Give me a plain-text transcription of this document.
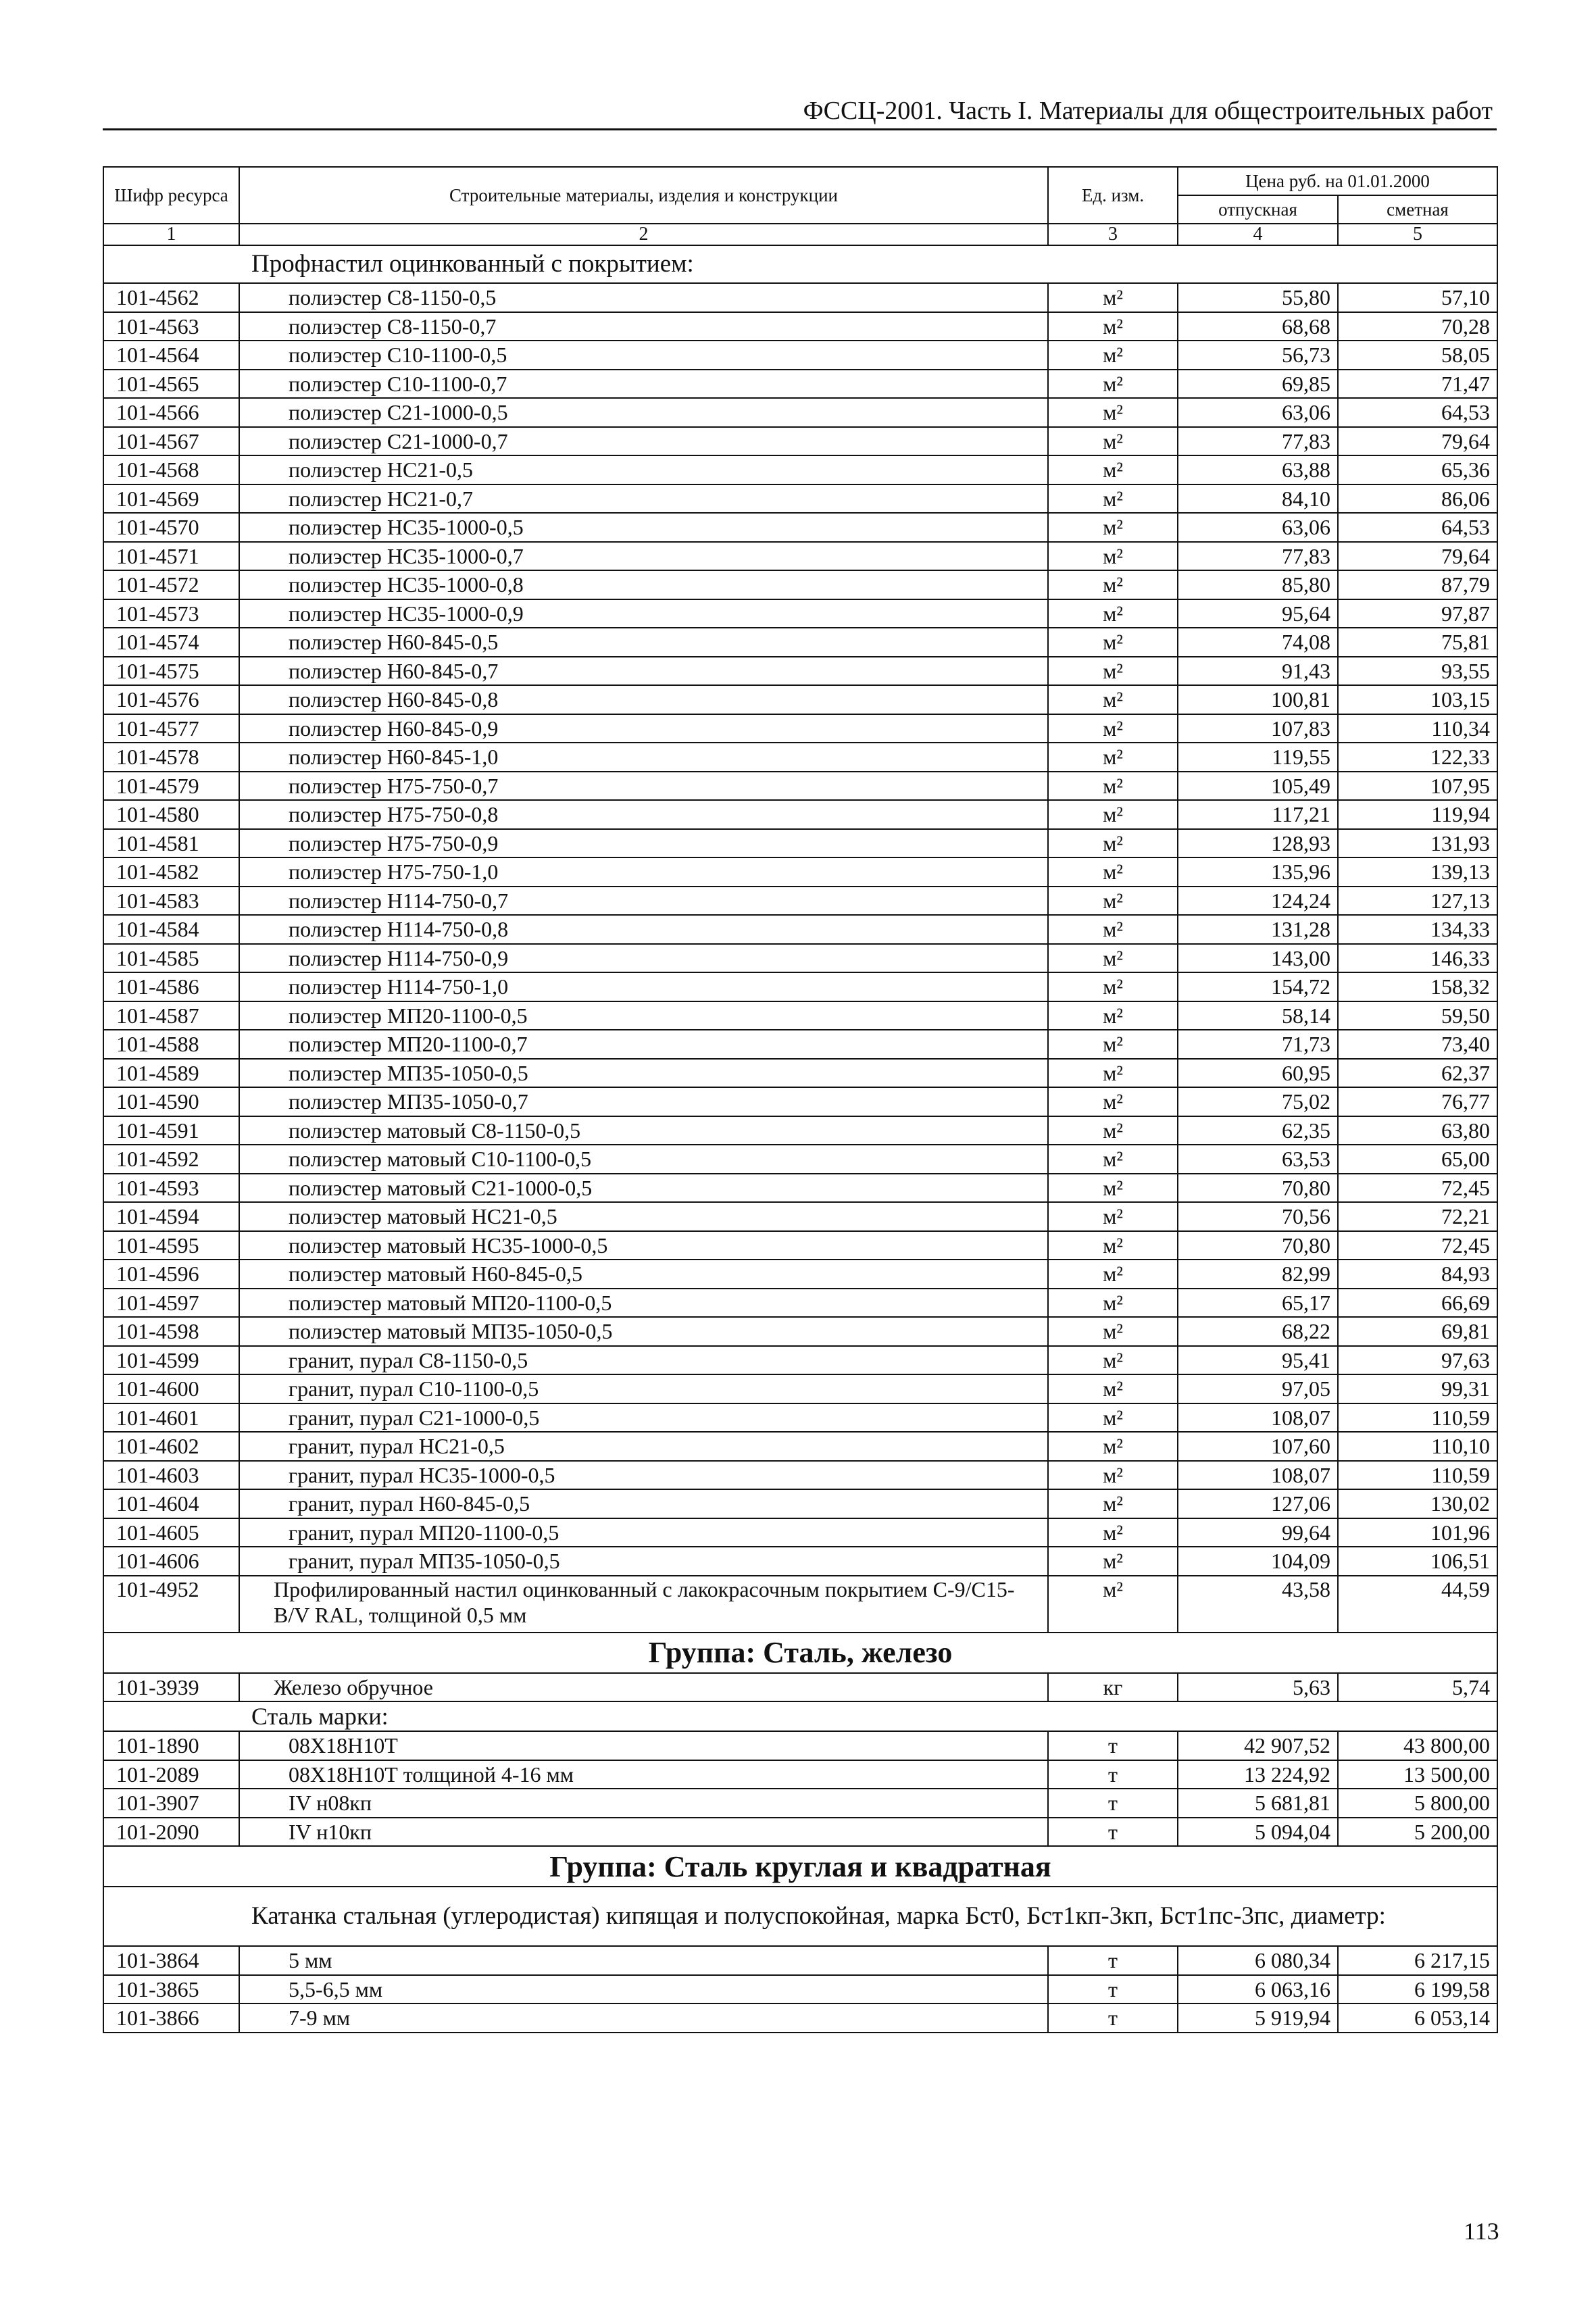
ФССЦ-2001. Часть I. Материалы для общестроительных работ
Шифр ресурса	Строительные материалы, изделия и конструкции	Ед. изм.	Цена руб. на 01.01.2000	
			отпускная	сметная
1	2	3	4	5
Профнастил оцинкованный с покрытием:				
101-4562	полиэстер С8-1150-0,5	м²	55,80	57,10
101-4563	полиэстер С8-1150-0,7	м²	68,68	70,28
101-4564	полиэстер С10-1100-0,5	м²	56,73	58,05
101-4565	полиэстер С10-1100-0,7	м²	69,85	71,47
101-4566	полиэстер С21-1000-0,5	м²	63,06	64,53
101-4567	полиэстер С21-1000-0,7	м²	77,83	79,64
101-4568	полиэстер НС21-0,5	м²	63,88	65,36
101-4569	полиэстер НС21-0,7	м²	84,10	86,06
101-4570	полиэстер НС35-1000-0,5	м²	63,06	64,53
101-4571	полиэстер НС35-1000-0,7	м²	77,83	79,64
101-4572	полиэстер НС35-1000-0,8	м²	85,80	87,79
101-4573	полиэстер НС35-1000-0,9	м²	95,64	97,87
101-4574	полиэстер Н60-845-0,5	м²	74,08	75,81
101-4575	полиэстер Н60-845-0,7	м²	91,43	93,55
101-4576	полиэстер Н60-845-0,8	м²	100,81	103,15
101-4577	полиэстер Н60-845-0,9	м²	107,83	110,34
101-4578	полиэстер Н60-845-1,0	м²	119,55	122,33
101-4579	полиэстер Н75-750-0,7	м²	105,49	107,95
101-4580	полиэстер Н75-750-0,8	м²	117,21	119,94
101-4581	полиэстер Н75-750-0,9	м²	128,93	131,93
101-4582	полиэстер Н75-750-1,0	м²	135,96	139,13
101-4583	полиэстер Н114-750-0,7	м²	124,24	127,13
101-4584	полиэстер Н114-750-0,8	м²	131,28	134,33
101-4585	полиэстер Н114-750-0,9	м²	143,00	146,33
101-4586	полиэстер Н114-750-1,0	м²	154,72	158,32
101-4587	полиэстер МП20-1100-0,5	м²	58,14	59,50
101-4588	полиэстер МП20-1100-0,7	м²	71,73	73,40
101-4589	полиэстер МП35-1050-0,5	м²	60,95	62,37
101-4590	полиэстер МП35-1050-0,7	м²	75,02	76,77
101-4591	полиэстер матовый С8-1150-0,5	м²	62,35	63,80
101-4592	полиэстер матовый С10-1100-0,5	м²	63,53	65,00
101-4593	полиэстер матовый С21-1000-0,5	м²	70,80	72,45
101-4594	полиэстер матовый НС21-0,5	м²	70,56	72,21
101-4595	полиэстер матовый НС35-1000-0,5	м²	70,80	72,45
101-4596	полиэстер матовый Н60-845-0,5	м²	82,99	84,93
101-4597	полиэстер матовый МП20-1100-0,5	м²	65,17	66,69
101-4598	полиэстер матовый МП35-1050-0,5	м²	68,22	69,81
101-4599	гранит, пурал С8-1150-0,5	м²	95,41	97,63
101-4600	гранит, пурал С10-1100-0,5	м²	97,05	99,31
101-4601	гранит, пурал С21-1000-0,5	м²	108,07	110,59
101-4602	гранит, пурал НС21-0,5	м²	107,60	110,10
101-4603	гранит, пурал НС35-1000-0,5	м²	108,07	110,59
101-4604	гранит, пурал Н60-845-0,5	м²	127,06	130,02
101-4605	гранит, пурал МП20-1100-0,5	м²	99,64	101,96
101-4606	гранит, пурал МП35-1050-0,5	м²	104,09	106,51
101-4952	Профилированный настил оцинкованный с лакокрасочным покрытием С-9/С15-В/V RAL, толщиной 0,5 мм	м²	43,58	44,59
Группа: Сталь, железо				
101-3939	Железо обручное	кг	5,63	5,74
Сталь марки:				
101-1890	08Х18Н10Т	т	42 907,52	43 800,00
101-2089	08Х18Н10Т толщиной 4-16 мм	т	13 224,92	13 500,00
101-3907	IV н08кп	т	5 681,81	5 800,00
101-2090	IV н10кп	т	5 094,04	5 200,00
Группа: Сталь круглая и квадратная				
Катанка стальная (углеродистая) кипящая и полуспокойная, марка Бст0, Бст1кп-3кп, Бст1пс-3пс, диаметр:				
101-3864	5 мм	т	6 080,34	6 217,15
101-3865	5,5-6,5 мм	т	6 063,16	6 199,58
101-3866	7-9 мм	т	5 919,94	6 053,14
113
